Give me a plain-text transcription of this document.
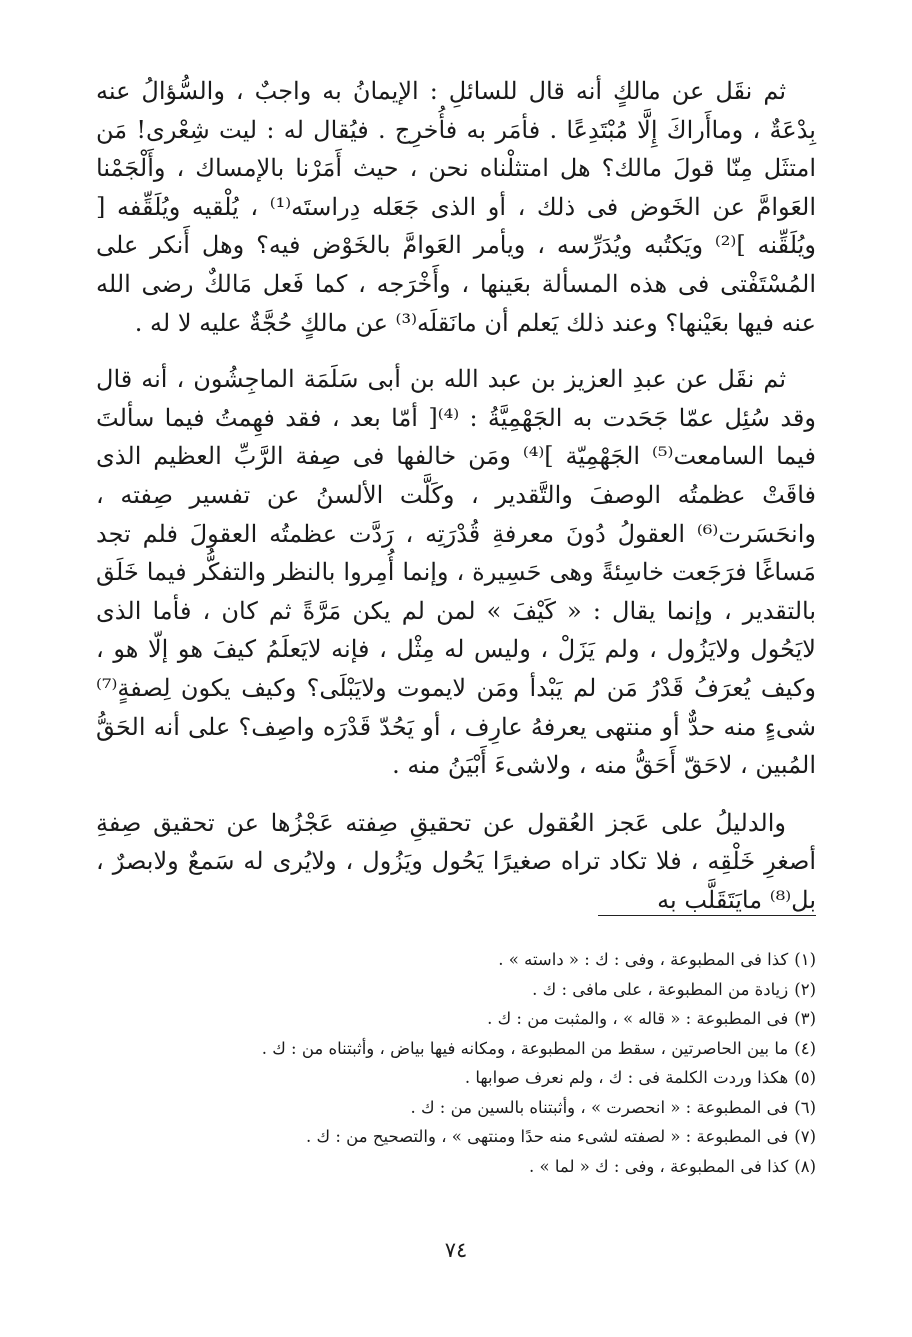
ثم نقَل عن مالكٍ أنه قال للسائلِ : الإيمانُ به واجبٌ ، والسُّؤالُ عنه بِدْعَةٌ ، وماأَراكَ إِلَّا مُبْتَدِعًا . فأمَر به فأُخرِج . فيُقال له : ليت شِعْرى! مَن امتثَل مِنّا قولَ مالك؟ هل امتثلْناه نحن ، حيث أَمَرْنا بالإمساك ، وأَلْجَمْنا العَوامَّ عن الخَوض فى ذلك ، أو الذى جَعَله دِراستَه⁽¹⁾ ، يُلْقيه ويُلَقِّفه [ ويُلَقِّنه ]⁽²⁾ ويَكتُبه ويُدَرِّسه ، ويأمر العَوامَّ بالخَوْض فيه؟ وهل أَنكر على المُسْتَفْتى فى هذه المسألة بعَينها ، وأَخْرَجه ، كما فَعل مَالكٌ رضى الله عنه فيها بعَيْنها؟ وعند ذلك يَعلم أن مانَقلَه⁽³⁾ عن مالكٍ حُجَّةٌ عليه لا له .

ثم نقَل عن عبدِ العزيز بن عبد الله بن أبى سَلَمَة الماجِشُون ، أنه قال وقد سُئِل عمّا جَحَدت به الجَهْمِيَّةُ : ⁽⁴⁾[ أمّا بعد ، فقد فهِمتُ فيما سألتَ فيما السامعت⁽⁵⁾ الجَهْمِيّة ]⁽⁴⁾ ومَن خالفها فى صِفة الرَّبِّ العظيم الذى فاقَتْ عظمتُه الوصفَ والتَّقدير ، وكَلَّت الألسنُ عن تفسير صِفته ، وانحَسَرت⁽⁶⁾ العقولُ دُونَ معرفةِ قُدْرَتِه ، رَدَّت عظمتُه العقولَ فلم تجد مَساغًا فرَجَعت خاسِئةً وهى حَسِيرة ، وإنما أُمِروا بالنظر والتفكُّر فيما خَلَق بالتقدير ، وإنما يقال : « كَيْفَ » لمن لم يكن مَرَّةً ثم كان ، فأما الذى لايَحُول ولايَزُول ، ولم يَزَلْ ، وليس له مِثْل ، فإنه لايَعلَمُ كيفَ هو إلّا هو ، وكيف يُعرَفُ قَدْرُ مَن لم يَبْدأ ومَن لايموت ولايَبْلَى؟ وكيف يكون لِصفةٍ⁽⁷⁾ شىءٍ منه حدٌّ أو منتهى يعرفهُ عارِف ، أو يَحُدّ قَدْرَه واصِف؟ على أنه الحَقُّ المُبين ، لاحَقّ أَحَقُّ منه ، ولاشىءَ أَبْيَنُ منه .

والدليلُ على عَجز العُقول عن تحقيقِ صِفته عَجْزُها عن تحقيق صِفةِ أصغرِ خَلْقِه ، فلا تكاد تراه صغيرًا يَحُول ويَزُول ، ولايُرى له سَمعٌ ولابصرٌ ، بل⁽⁸⁾ مايَتَقَلَّب به

(١)كذا فى المطبوعة ، وفى : ك : « داسته » .
(٢)زيادة من المطبوعة ، على مافى : ك .
(٣)فى المطبوعة : « قاله » ، والمثبت من : ك .
(٤)ما بين الحاصرتين ، سقط من المطبوعة ، ومكانه فيها بياض ، وأثبتناه من : ك .
(٥)هكذا وردت الكلمة فى : ك ، ولم نعرف صوابها .
(٦)فى المطبوعة : « انحصرت » ، وأثبتناه بالسين من : ك .
(٧)فى المطبوعة : « لصفته لشىء منه حدًا ومنتهى » ، والتصحيح من : ك .
(٨)كذا فى المطبوعة ، وفى : ك « لما » .
٧٤
